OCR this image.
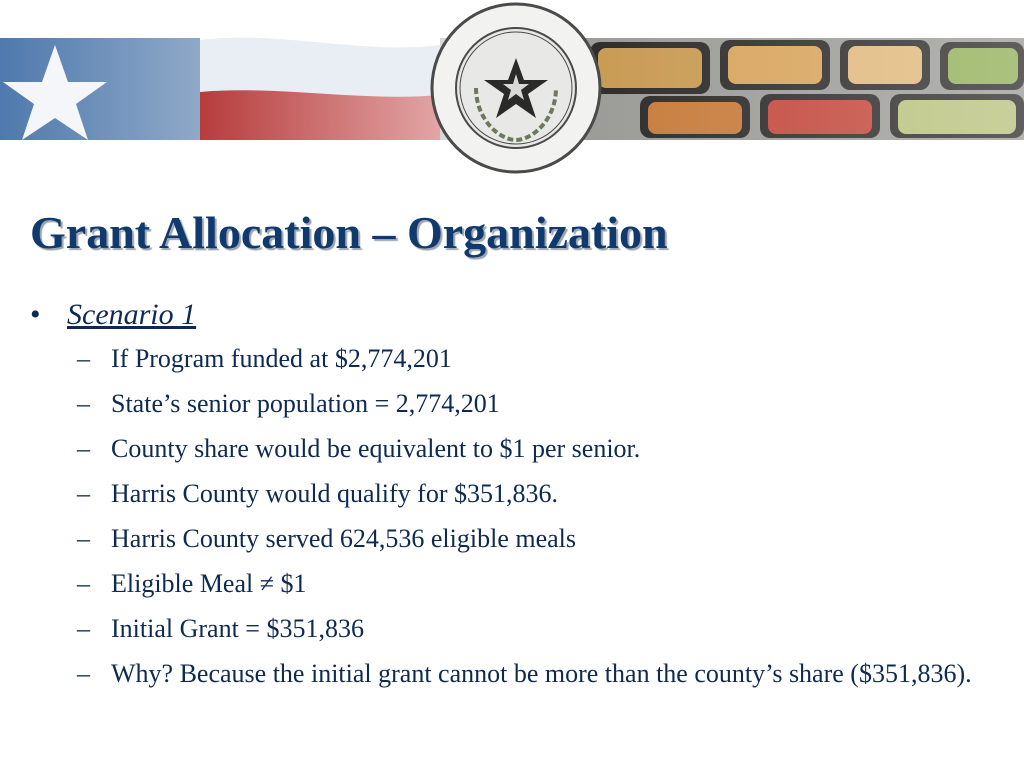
Grant Allocation – Organization
• Scenario 1
– If Program funded at $2,774,201
– State’s senior population = 2,774,201
– County share would be equivalent to $1 per senior.
– Harris County would qualify for $351,836.
– Harris County served 624,536 eligible meals
– Eligible Meal ≠ $1
– Initial Grant = $351,836
– Why? Because the initial grant cannot be more than the county’s share ($351,836).
